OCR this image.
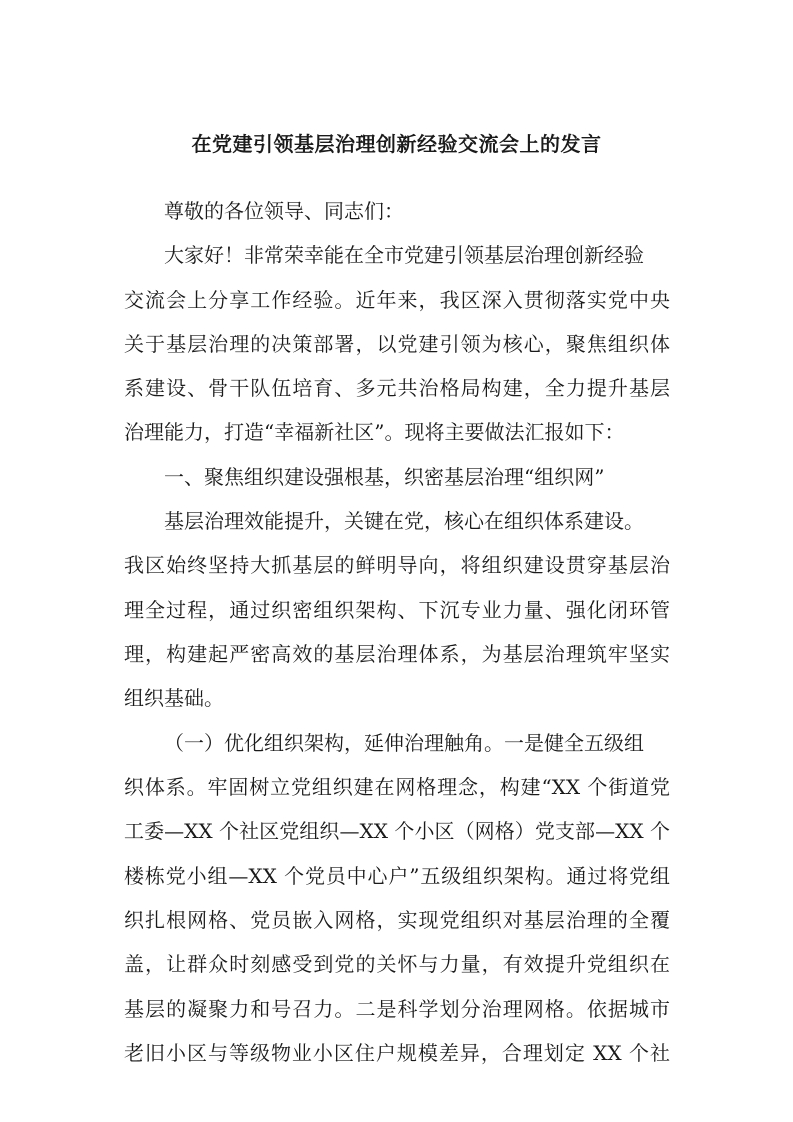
在党建引领基层治理创新经验交流会上的发言
尊敬的各位领导、同志们：
大家好！非常荣幸能在全市党建引领基层治理创新经验
交流会上分享工作经验。近年来，我区深入贯彻落实党中央
关于基层治理的决策部署，以党建引领为核心，聚焦组织体
系建设、骨干队伍培育、多元共治格局构建，全力提升基层
治理能力，打造“幸福新社区”。现将主要做法汇报如下：
一、聚焦组织建设强根基，织密基层治理“组织网”
基层治理效能提升，关键在党，核心在组织体系建设。
我区始终坚持大抓基层的鲜明导向，将组织建设贯穿基层治
理全过程，通过织密组织架构、下沉专业力量、强化闭环管
理，构建起严密高效的基层治理体系，为基层治理筑牢坚实
组织基础。
（一）优化组织架构，延伸治理触角。一是健全五级组
织体系。牢固树立党组织建在网格理念，构建“XX 个街道党
工委—XX 个社区党组织—XX 个小区（网格）党支部—XX 个
楼栋党小组—XX 个党员中心户”五级组织架构。通过将党组
织扎根网格、党员嵌入网格，实现党组织对基层治理的全覆
盖，让群众时刻感受到党的关怀与力量，有效提升党组织在
基层的凝聚力和号召力。二是科学划分治理网格。依据城市
老旧小区与等级物业小区住户规模差异，合理划定 XX 个社
